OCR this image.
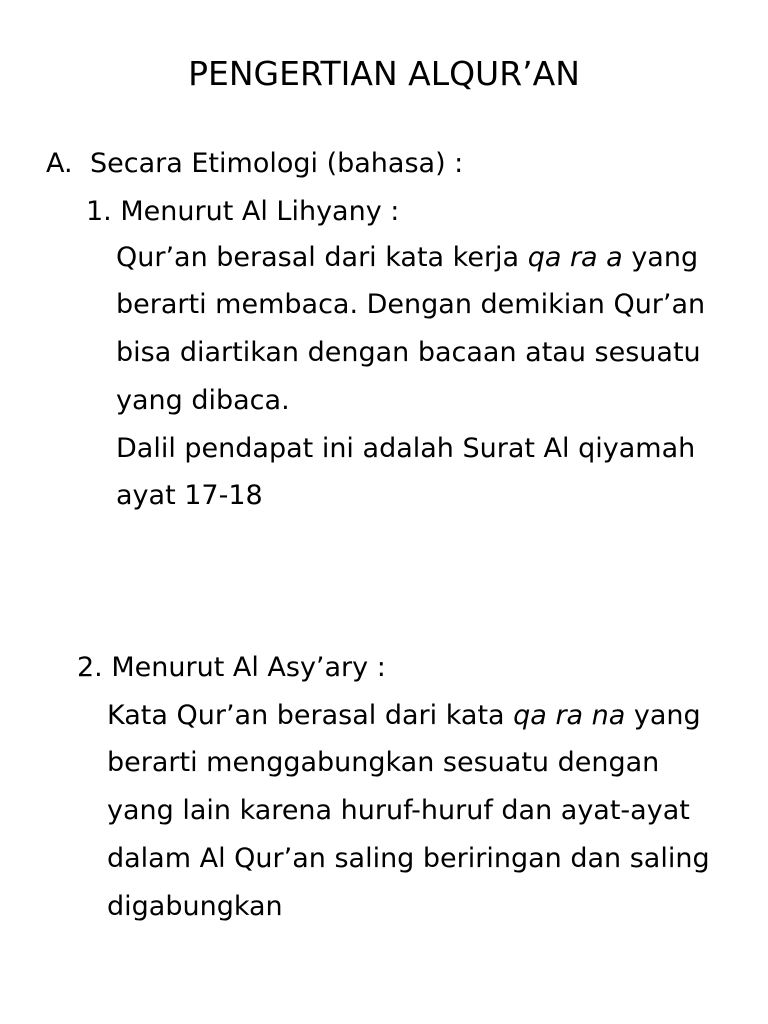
PENGERTIAN ALQUR’AN

A. Secara Etimologi (bahasa) :

1. Menurut Al Lihyany :

Qur’an berasal dari kata kerja qa ra a yang

berarti membaca. Dengan demikian Qur’an

bisa diartikan dengan bacaan atau sesuatu

yang dibaca.

Dalil pendapat ini adalah Surat Al qiyamah

ayat 17-18

2. Menurut Al Asy’ary :

Kata Qur’an berasal dari kata qa ra na yang

berarti menggabungkan sesuatu dengan

yang lain karena huruf-huruf dan ayat-ayat

dalam Al Qur’an saling beriringan dan saling

digabungkan
